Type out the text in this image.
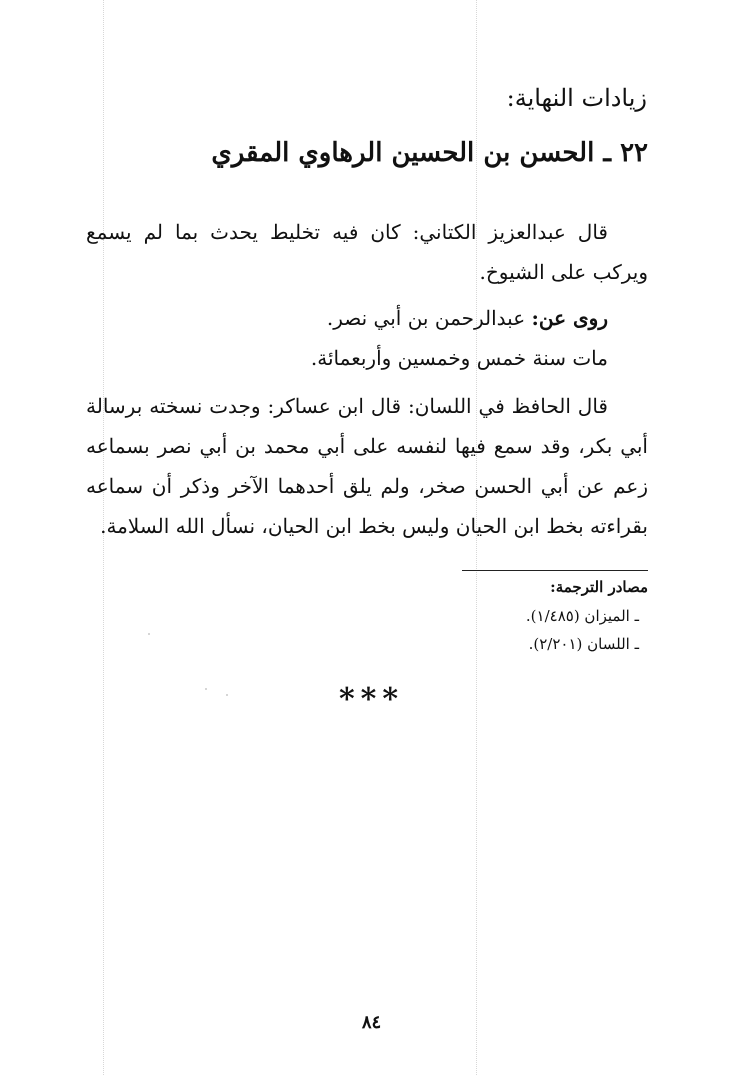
زيادات النهاية:
٢٢ ـ الحسن بن الحسين الرهاوي المقري

قال عبدالعزيز الكتاني: كان فيه تخليط يحدث بما لم يسمع ويركب على الشيوخ.

روى عن: عبدالرحمن بن أبي نصر.

مات سنة خمس وخمسين وأربعمائة.

قال الحافظ في اللسان: قال ابن عساكر: وجدت نسخته برسالة أبي بكر، وقد سمع فيها لنفسه على أبي محمد بن أبي نصر بسماعه زعم عن أبي الحسن صخر، ولم يلق أحدهما الآخر وذكر أن سماعه بقراءته بخط ابن الحيان وليس بخط ابن الحيان، نسأل الله السلامة.

مصادر الترجمة:
ـ الميزان (١/٤٨٥).
ـ اللسان (٢/٢٠١).
***
٨٤
